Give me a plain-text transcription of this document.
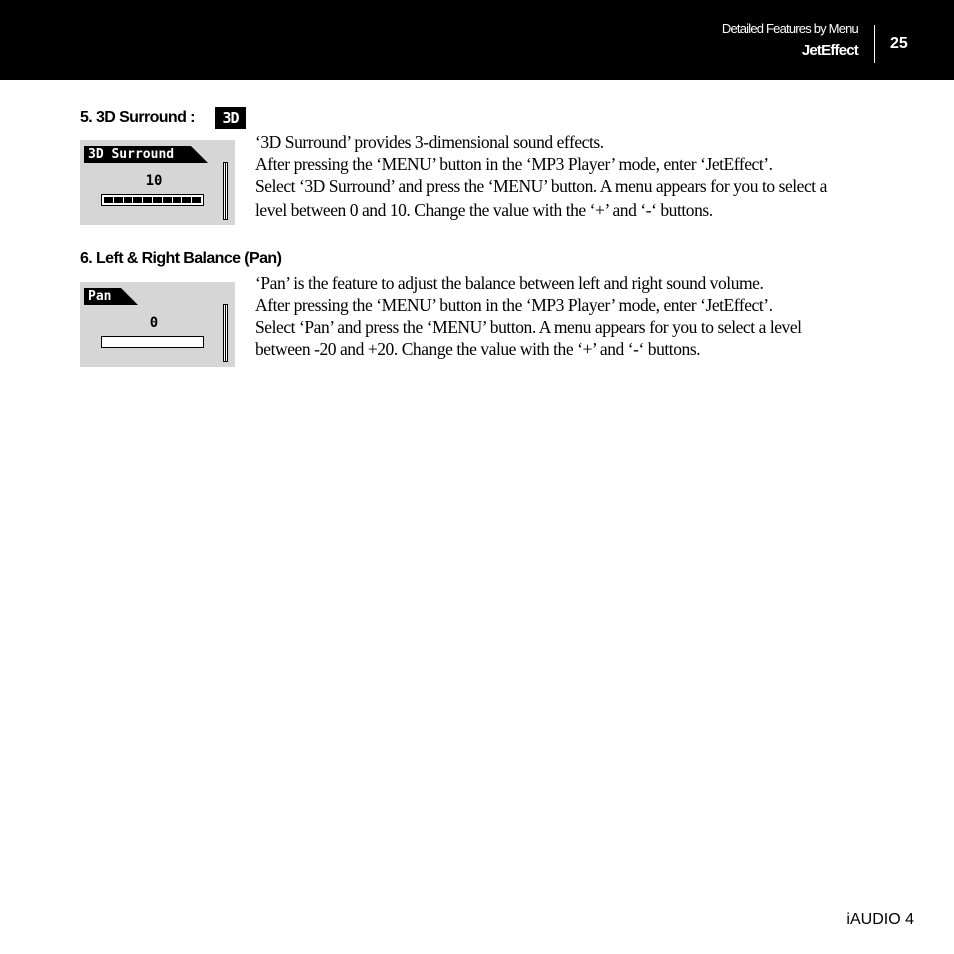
Detailed Features by Menu
JetEffect 25
5. 3D Surround :	3D
3D Surround
10
‘3D Surround’ provides 3-dimensional sound effects.
After pressing the ‘MENU’ button in the ‘MP3 Player’ mode, enter ‘JetEffect’.
Select ‘3D Surround’ and press the ‘MENU’ button. A menu appears for you to select a
level between 0 and 10. Change the value with the ‘+’ and ‘-‘ buttons.
6. Left & Right Balance (Pan)
Pan
0
‘Pan’ is the feature to adjust the balance between left and right sound volume.
After pressing the ‘MENU’ button in the ‘MP3 Player’ mode, enter ‘JetEffect’.
Select ‘Pan’ and press the ‘MENU’ button. A menu appears for you to select a level
between -20 and +20. Change the value with the ‘+’ and ‘-‘ buttons.
iAUDIO 4
